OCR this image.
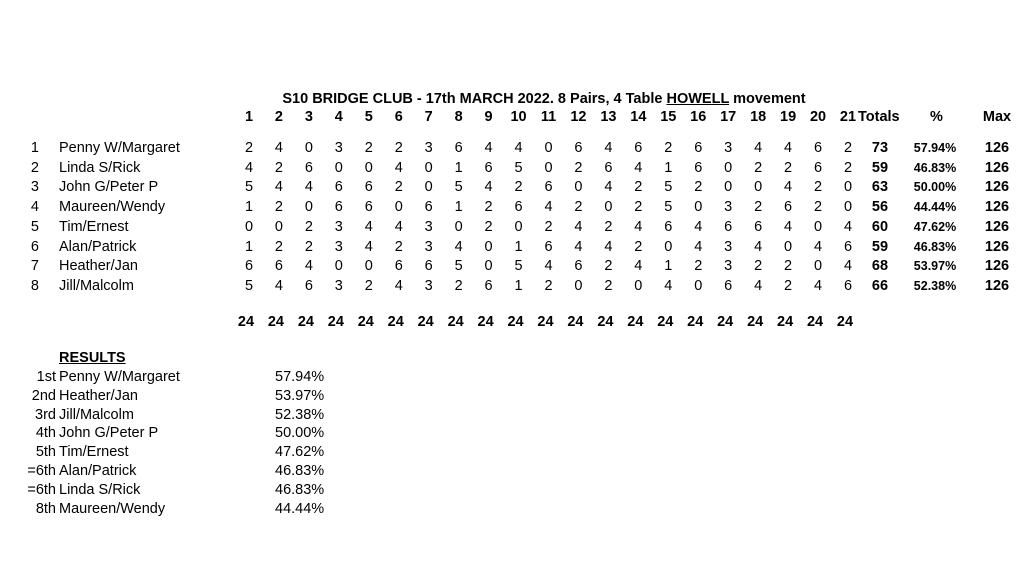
S10 BRIDGE CLUB - 17th MARCH 2022. 8 Pairs, 4 Table HOWELL movement
1	2	3	4	5	6	7	8	9	10 11 12 13 14 15 16 17 18 19 20 21 Totals %	Max
1 Penny W/Margaret	2	4	0	3	2	2	3	6	4	4	0	6	4	6	2	6	3	4	4	6	2	73	57.94%	126
2 Linda S/Rick	4	2	6	0	0	4	0	1	6	5	0	2	6	4	1	6	0	2	2	6	2	59	46.83%	126
3 John G/Peter P	5	4	4	6	6	2	0	5	4	2	6	0	4	2	5	2	0	0	4	2	0	63	50.00%	126
4 Maureen/Wendy	1	2	0	6	6	0	6	1	2	6	4	2	0	2	5	0	3	2	6	2	0	56	44.44%	126
5 Tim/Ernest	0	0	2	3	4	4	3	0	2	0	2	4	2	4	6	4	6	6	4	0	4	60	47.62%	126
6 Alan/Patrick	1	2	2	3	4	2	3	4	0	1	6	4	4	2	0	4	3	4	0	4	6	59	46.83%	126
7 Heather/Jan	6	6	4	0	0	6	6	5	0	5	4	6	2	4	1	2	3	2	2	0	4	68	53.97%	126
8 Jill/Malcolm	5	4	6	3	2	4	3	2	6	1	2	0	2	0	4	0	6	4	2	4	6	66	52.38%	126
24 24 24 24 24 24 24 24 24 24 24 24 24 24 24 24 24 24 24 24 24
RESULTS
1st Penny W/Margaret	57.94%
2nd Heather/Jan	53.97%
3rd Jill/Malcolm	52.38%
4th John G/Peter P	50.00%
5th Tim/Ernest	47.62%
=6th Alan/Patrick	46.83%
=6th Linda S/Rick	46.83%
8th Maureen/Wendy	44.44%
